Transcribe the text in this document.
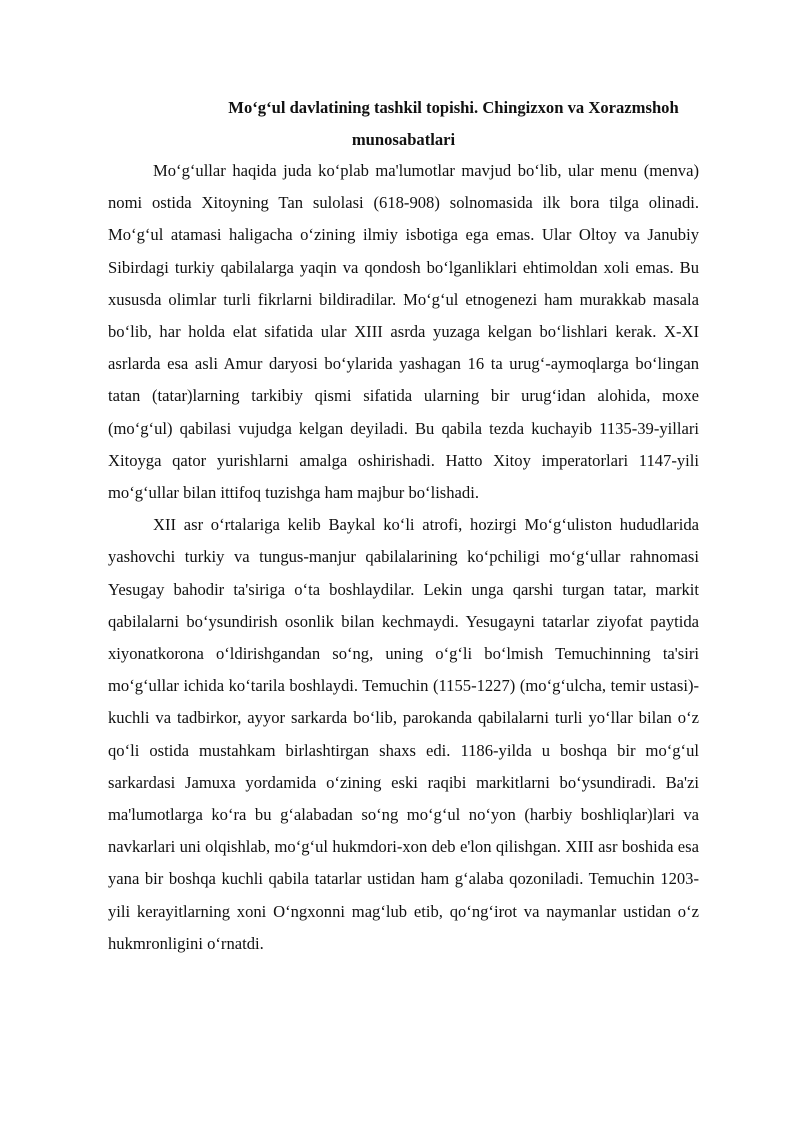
Mo‘g‘ul davlatining tashkil topishi. Chingizxon va Xorazmshoh
munosabatlari

Mo‘g‘ullar haqida juda ko‘plab ma'lumotlar mavjud bo‘lib, ular menu (menva) nomi ostida Xitoyning Tan sulolasi (618-908) solnomasida ilk bora tilga olinadi. Mo‘g‘ul atamasi haligacha o‘zining ilmiy isbotiga ega emas. Ular Oltoy va Janubiy Sibirdagi turkiy qabilalarga yaqin va qondosh bo‘lganliklari ehtimoldan xoli emas. Bu xususda olimlar turli fikrlarni bildiradilar. Mo‘g‘ul etnogenezi ham murakkab masala bo‘lib, har holda elat sifatida ular XIII asrda yuzaga kelgan bo‘lishlari kerak. X-XI asrlarda esa asli Amur daryosi bo‘ylarida yashagan 16 ta urug‘-aymoqlarga bo‘lingan tatan (tatar)larning tarkibiy qismi sifatida ularning bir urug‘idan alohida, moxe (mo‘g‘ul) qabilasi vujudga kelgan deyiladi. Bu qabila tezda kuchayib 1135-39-yillari Xitoyga qator yurishlarni amalga oshirishadi. Hatto Xitoy imperatorlari 1147-yili mo‘g‘ullar bilan ittifoq tuzishga ham majbur bo‘lishadi.

XII asr o‘rtalariga kelib Baykal ko‘li atrofi, hozirgi Mo‘g‘uliston hududlarida yashovchi turkiy va tungus-manjur qabilalarining ko‘pchiligi mo‘g‘ullar rahnomasi Yesugay bahodir ta'siriga o‘ta boshlaydilar. Lekin unga qarshi turgan tatar, markit qabilalarni bo‘ysundirish osonlik bilan kechmaydi. Yesugayni tatarlar ziyofat paytida xiyonatkorona o‘ldirishgandan so‘ng, uning o‘g‘li bo‘lmish Temuchinning ta'siri mo‘g‘ullar ichida ko‘tarila boshlaydi. Temuchin (1155-1227) (mo‘g‘ulcha, temir ustasi)-kuchli va tadbirkor, ayyor sarkarda bo‘lib, parokanda qabilalarni turli yo‘llar bilan o‘z qo‘li ostida mustahkam birlashtirgan shaxs edi. 1186-yilda u boshqa bir mo‘g‘ul sarkardasi Jamuxa yordamida o‘zining eski raqibi markitlarni bo‘ysundiradi. Ba'zi ma'lumotlarga ko‘ra bu g‘alabadan so‘ng mo‘g‘ul no‘yon (harbiy boshliqlar)lari va navkarlari uni olqishlab, mo‘g‘ul hukmdori-xon deb e'lon qilishgan. XIII asr boshida esa yana bir boshqa kuchli qabila tatarlar ustidan ham g‘alaba qozoniladi. Temuchin 1203-yili kerayitlarning xoni O‘ngxonni mag‘lub etib, qo‘ng‘irot va naymanlar ustidan o‘z hukmronligini o‘rnatdi.
